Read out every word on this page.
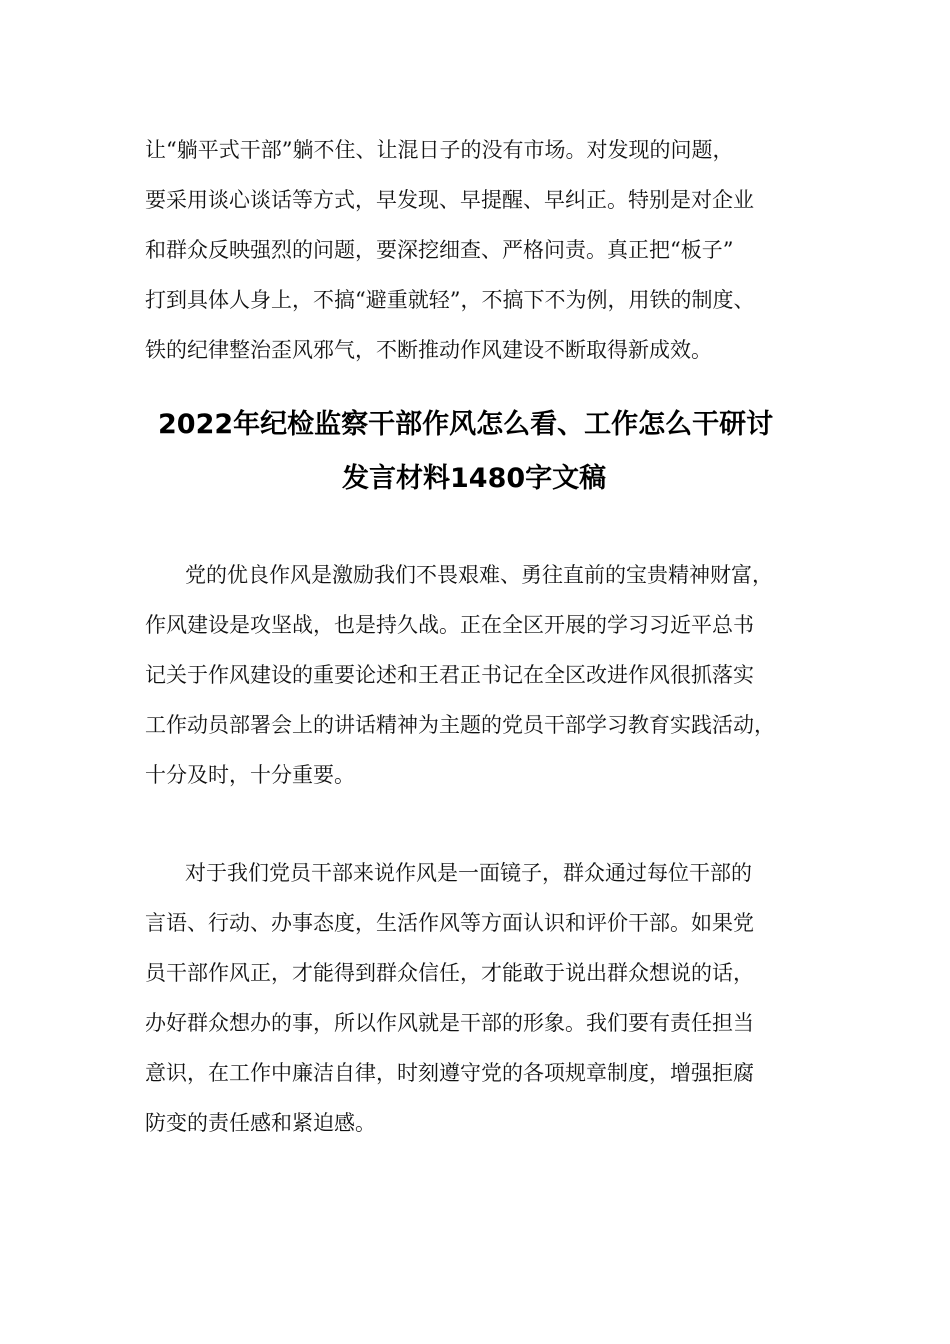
让“躺平式干部”躺不住、让混日子的没有市场。对发现的问题，
要采用谈心谈话等方式，早发现、早提醒、早纠正。特别是对企业
和群众反映强烈的问题，要深挖细查、严格问责。真正把“板子”
打到具体人身上，不搞“避重就轻”，不搞下不为例，用铁的制度、
铁的纪律整治歪风邪气，不断推动作风建设不断取得新成效。
2022年纪检监察干部作风怎么看、工作怎么干研讨
发言材料1480字文稿
党的优良作风是激励我们不畏艰难、勇往直前的宝贵精神财富，
作风建设是攻坚战，也是持久战。正在全区开展的学习习近平总书
记关于作风建设的重要论述和王君正书记在全区改进作风很抓落实
工作动员部署会上的讲话精神为主题的党员干部学习教育实践活动，
十分及时，十分重要。
对于我们党员干部来说作风是一面镜子，群众通过每位干部的
言语、行动、办事态度，生活作风等方面认识和评价干部。如果党
员干部作风正，才能得到群众信任，才能敢于说出群众想说的话，
办好群众想办的事，所以作风就是干部的形象。我们要有责任担当
意识，在工作中廉洁自律，时刻遵守党的各项规章制度，增强拒腐
防变的责任感和紧迫感。
